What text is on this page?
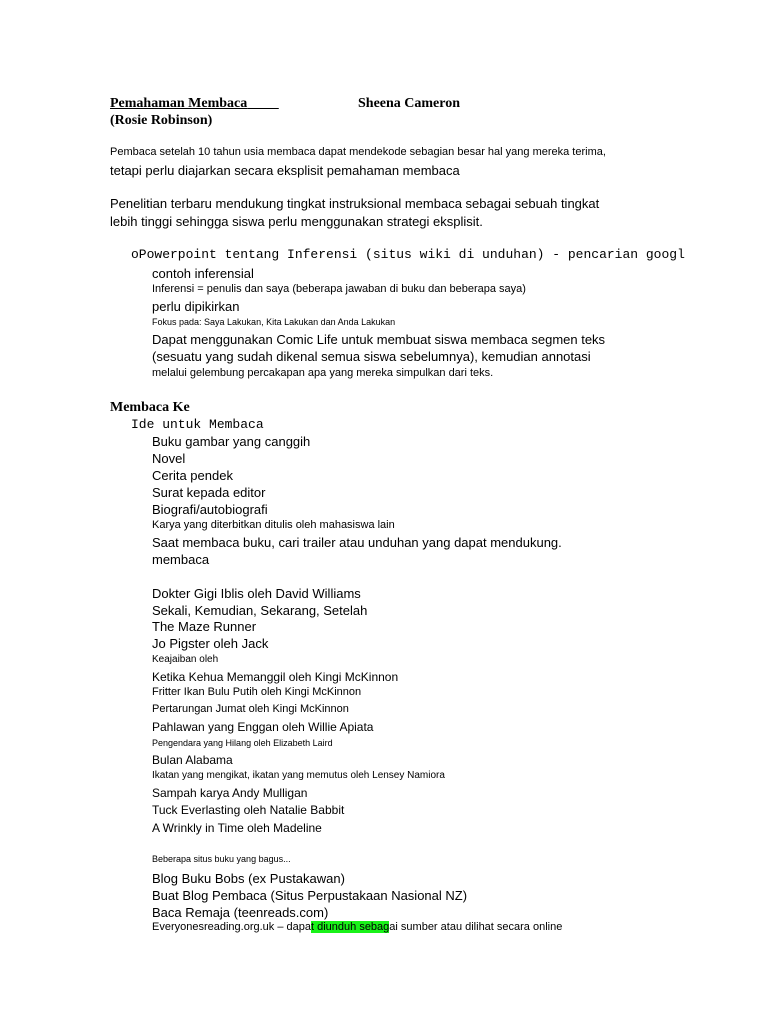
Pemahaman Membaca	Sheena Cameron
(Rosie Robinson)
Pembaca setelah 10 tahun usia membaca dapat mendekode sebagian besar hal yang mereka terima,
tetapi perlu diajarkan secara eksplisit pemahaman membaca
Penelitian terbaru mendukung tingkat instruksional membaca sebagai sebuah tingkat
lebih tinggi sehingga siswa perlu menggunakan strategi eksplisit.
oPowerpoint tentang Inferensi (situs wiki di unduhan) - pencarian googl
contoh inferensial
Inferensi = penulis dan saya (beberapa jawaban di buku dan beberapa saya)
perlu dipikirkan
Fokus pada: Saya Lakukan, Kita Lakukan dan Anda Lakukan
Dapat menggunakan Comic Life untuk membuat siswa membaca segmen teks
(sesuatu yang sudah dikenal semua siswa sebelumnya), kemudian annotasi
melalui gelembung percakapan apa yang mereka simpulkan dari teks.
Membaca Ke
Ide untuk Membaca
Buku gambar yang canggih
Novel
Cerita pendek
Surat kepada editor
Biografi/autobiografi
Karya yang diterbitkan ditulis oleh mahasiswa lain
Saat membaca buku, cari trailer atau unduhan yang dapat mendukung.
membaca
Dokter Gigi Iblis oleh David Williams
Sekali, Kemudian, Sekarang, Setelah
The Maze Runner
Jo Pigster oleh Jack
Keajaiban oleh
Ketika Kehua Memanggil oleh Kingi McKinnon
Fritter Ikan Bulu Putih oleh Kingi McKinnon
Pertarungan Jumat oleh Kingi McKinnon
Pahlawan yang Enggan oleh Willie Apiata
Pengendara yang Hilang oleh Elizabeth Laird
Bulan Alabama
Ikatan yang mengikat, ikatan yang memutus oleh Lensey Namiora
Sampah karya Andy Mulligan
Tuck Everlasting oleh Natalie Babbit
A Wrinkly in Time oleh Madeline
Beberapa situs buku yang bagus...
Blog Buku Bobs (ex Pustakawan)
Buat Blog Pembaca (Situs Perpustakaan Nasional NZ)
Baca Remaja (teenreads.com)
Everyonesreading.org.uk – dapat diunduh sebagai sumber atau dilihat secara online
